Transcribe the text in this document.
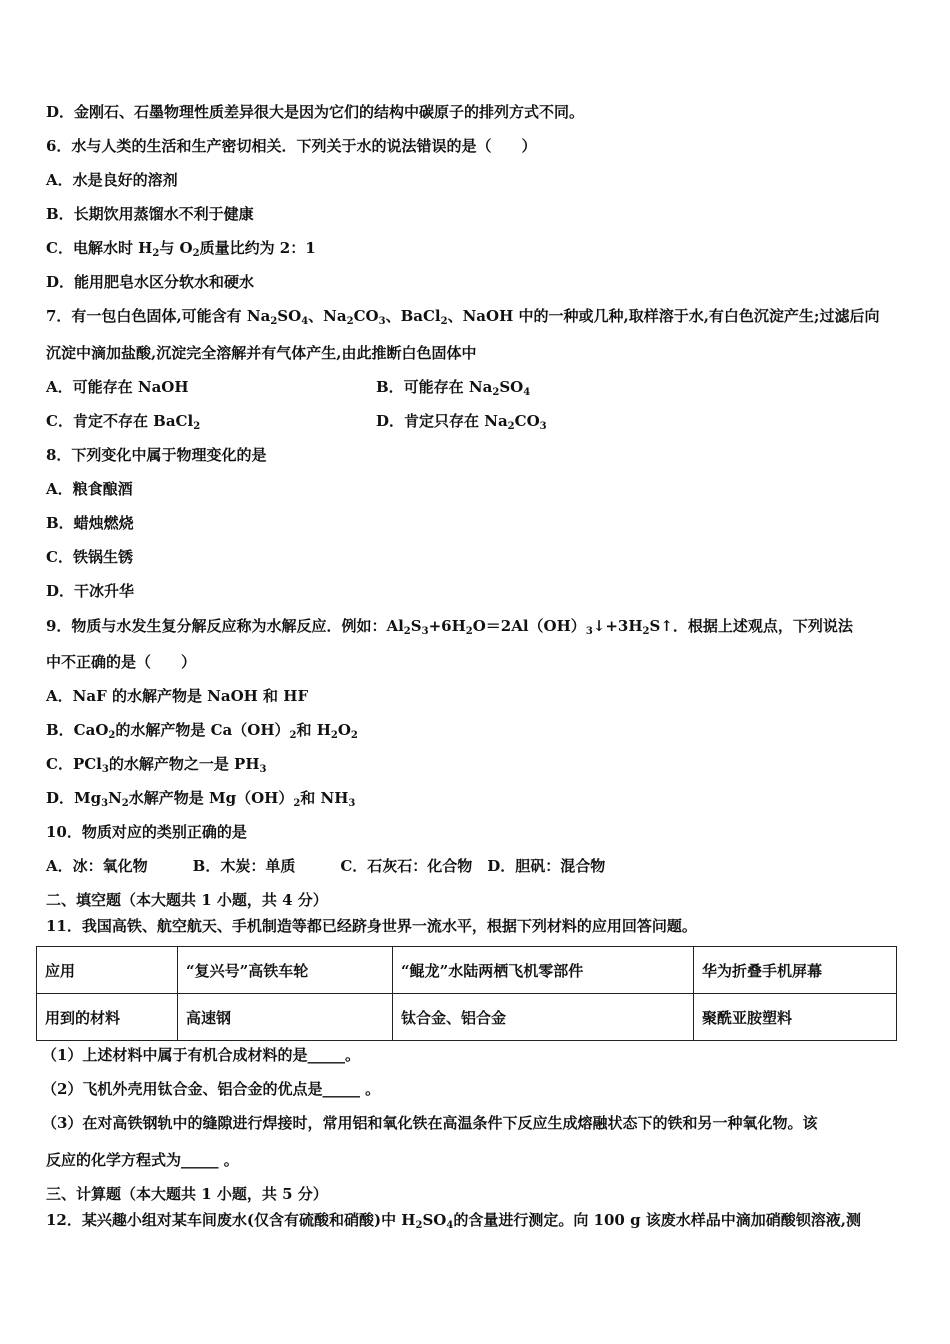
D．金刚石、石墨物理性质差异很大是因为它们的结构中碳原子的排列方式不同。
6．水与人类的生活和生产密切相关．下列关于水的说法错误的是（　　）
A．水是良好的溶剂
B．长期饮用蒸馏水不利于健康
C．电解水时 $H_2$与 $O_2$质量比约为 2：1
D．能用肥皂水区分软水和硬水
7．有一包白色固体,可能含有 $Na_2SO_4$、$Na_2CO_3$、BaCl$_2$、NaOH 中的一种或几种,取样溶于水,有白色沉淀产生;过滤后向
沉淀中滴加盐酸,沉淀完全溶解并有气体产生,由此推断白色固体中
A．可能存在 NaOH	B．可能存在 $Na_2SO_4$
C．肯定不存在 BaCl$_2$	D．肯定只存在 $Na_2CO_3$
8．下列变化中属于物理变化的是
A．粮食酿酒
B．蜡烛燃烧
C．铁锅生锈
D．干冰升华
9．物质与水发生复分解反应称为水解反应．例如：$Al_2S_3+6H_2O=2Al(OH)_3↓+3H_2S↑$．根据上述观点，下列说法
中不正确的是（　　）
A．NaF 的水解产物是 NaOH 和 HF
B．CaO$_2$的水解产物是 $Ca(OH)_2$和 $H_2O_2$
C．PCl$_3$的水解产物之一是 $PH_3$
D．$Mg_3N_2$水解产物是 $Mg(OH)_2$和 $NH_3$
10．物质对应的类别正确的是
A．冰：氧化物　　　B．木炭：单质　　　C．石灰石：化合物　D．胆矾：混合物
二、填空题（本大题共 1 小题，共 4 分）
11．我国高铁、航空航天、手机制造等都已经跻身世界一流水平，根据下列材料的应用回答问题。
应用	“复兴号”高铁车轮	“鲲龙”水陆两栖飞机零部件	华为折叠手机屏幕
用到的材料	高速钢	钛合金、铝合金	聚酰亚胺塑料
（1）上述材料中属于有机合成材料的是_____。
（2）飞机外壳用钛合金、铝合金的优点是_____ 。
（3）在对高铁钢轨中的缝隙进行焊接时，常用铝和氧化铁在高温条件下反应生成熔融状态下的铁和另一种氧化物。该
反应的化学方程式为_____ 。
三、计算题（本大题共 1 小题，共 5 分）
12．某兴趣小组对某车间废水(仅含有硫酸和硝酸)中 $H_2SO_4$的含量进行测定。向 100 g 该废水样品中滴加硝酸钡溶液,测
